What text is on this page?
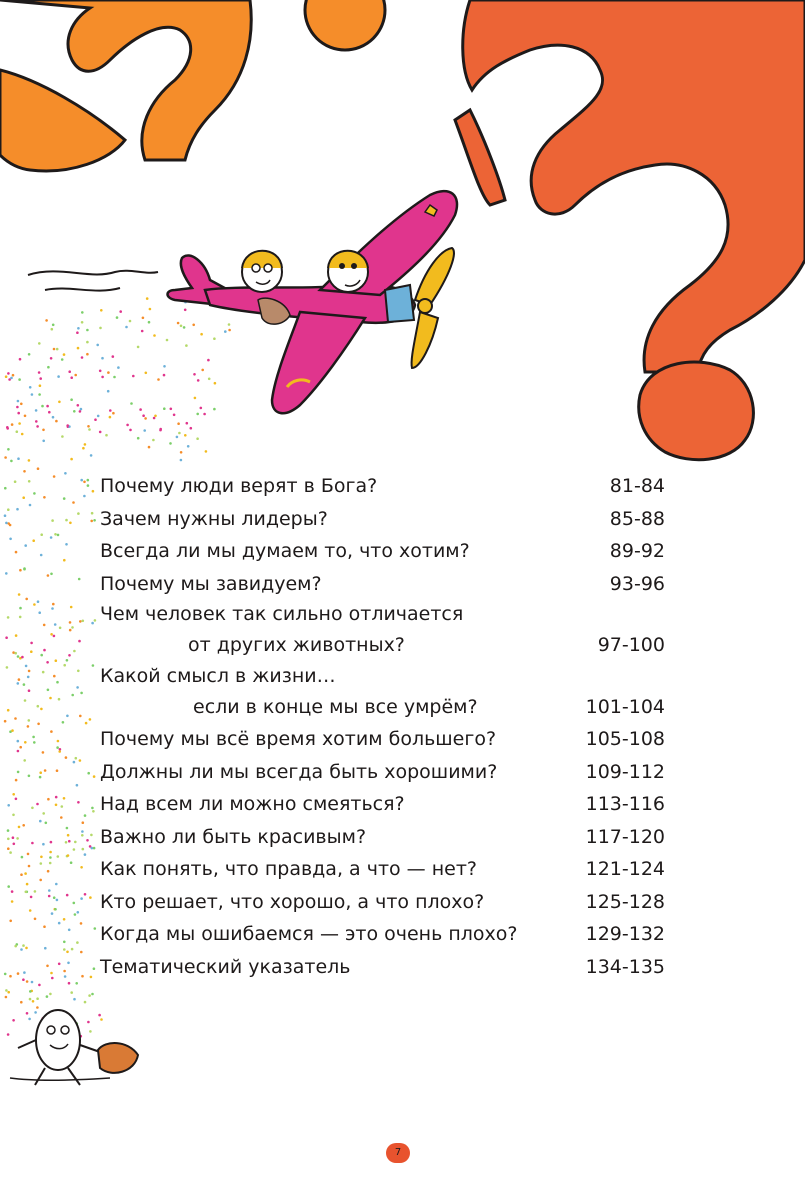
Почему люди верят в Бога?	81-84
Зачем нужны лидеры?	85-88
Всегда ли мы думаем то, что хотим?	89-92
Почему мы завидуем?	93-96
Чем человек так сильно отличается
от других животных?	97-100
Какой смысл в жизни…
если в конце мы все умрём?	101-104
Почему мы всё время хотим большего?	105-108
Должны ли мы всегда быть хорошими?	109-112
Над всем ли можно смеяться?	113-116
Важно ли быть красивым?	117-120
Как понять, что правда, а что — нет?	121-124
Кто решает, что хорошо, а что плохо?	125-128
Когда мы ошибаемся — это очень плохо?	129-132
Тематический указатель	134-135
7
